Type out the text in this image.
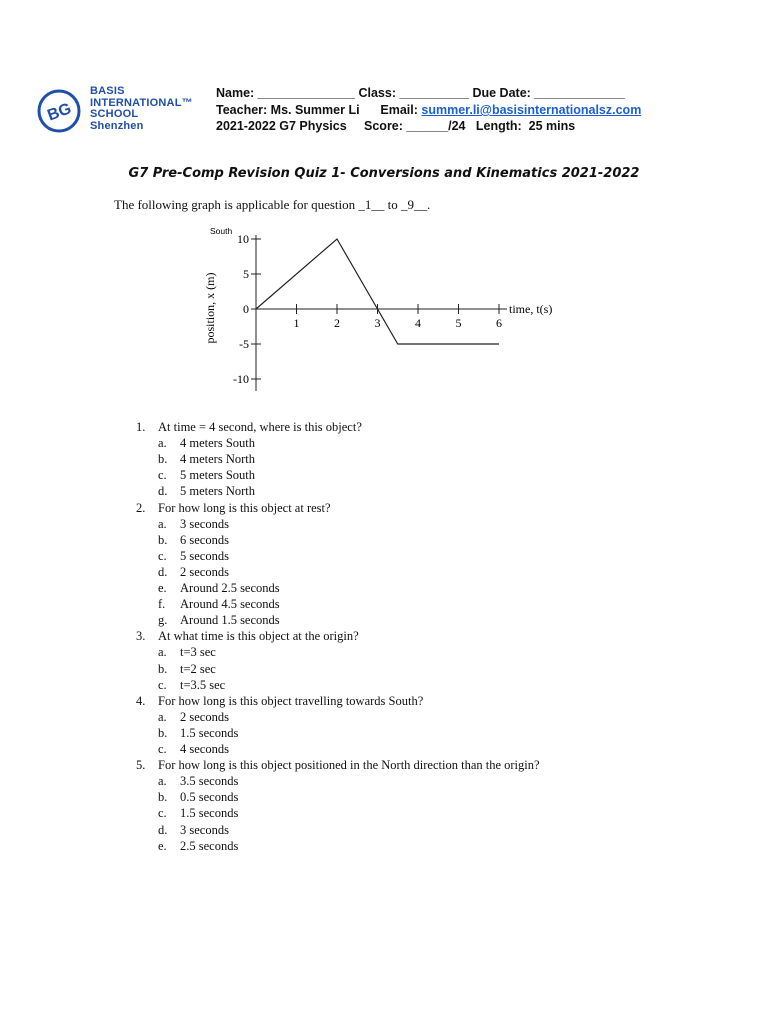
BG
BASIS
INTERNATIONAL™
SCHOOL
Shenzhen
Name: ______________ Class: __________ Due Date: _____________
Teacher: Ms. Summer Li Email: summer.li@basisinternationalsz.com
2021-2022 G7 Physics     Score: ______/24   Length:  25 mins
G7 Pre-Comp Revision Quiz 1- Conversions and Kinematics 2021-2022
The following graph is applicable for question _1__ to _9__.
1	2	3	4	5	6
10
5
0
-5
-10
time, t(s)
position, x (m)
South
1. At time = 4 second, where is this object?
a. 4 meters South
b. 4 meters North
c. 5 meters South
d. 5 meters North
2. For how long is this object at rest?
a. 3 seconds
b. 6 seconds
c. 5 seconds
d. 2 seconds
e. Around 2.5 seconds
f. Around 4.5 seconds
g. Around 1.5 seconds
3. At what time is this object at the origin?
a. t=3 sec
b. t=2 sec
c. t=3.5 sec
4. For how long is this object travelling towards South?
a. 2 seconds
b. 1.5 seconds
c. 4 seconds
5. For how long is this object positioned in the North direction than the origin?
a. 3.5 seconds
b. 0.5 seconds
c. 1.5 seconds
d. 3 seconds
e. 2.5 seconds
